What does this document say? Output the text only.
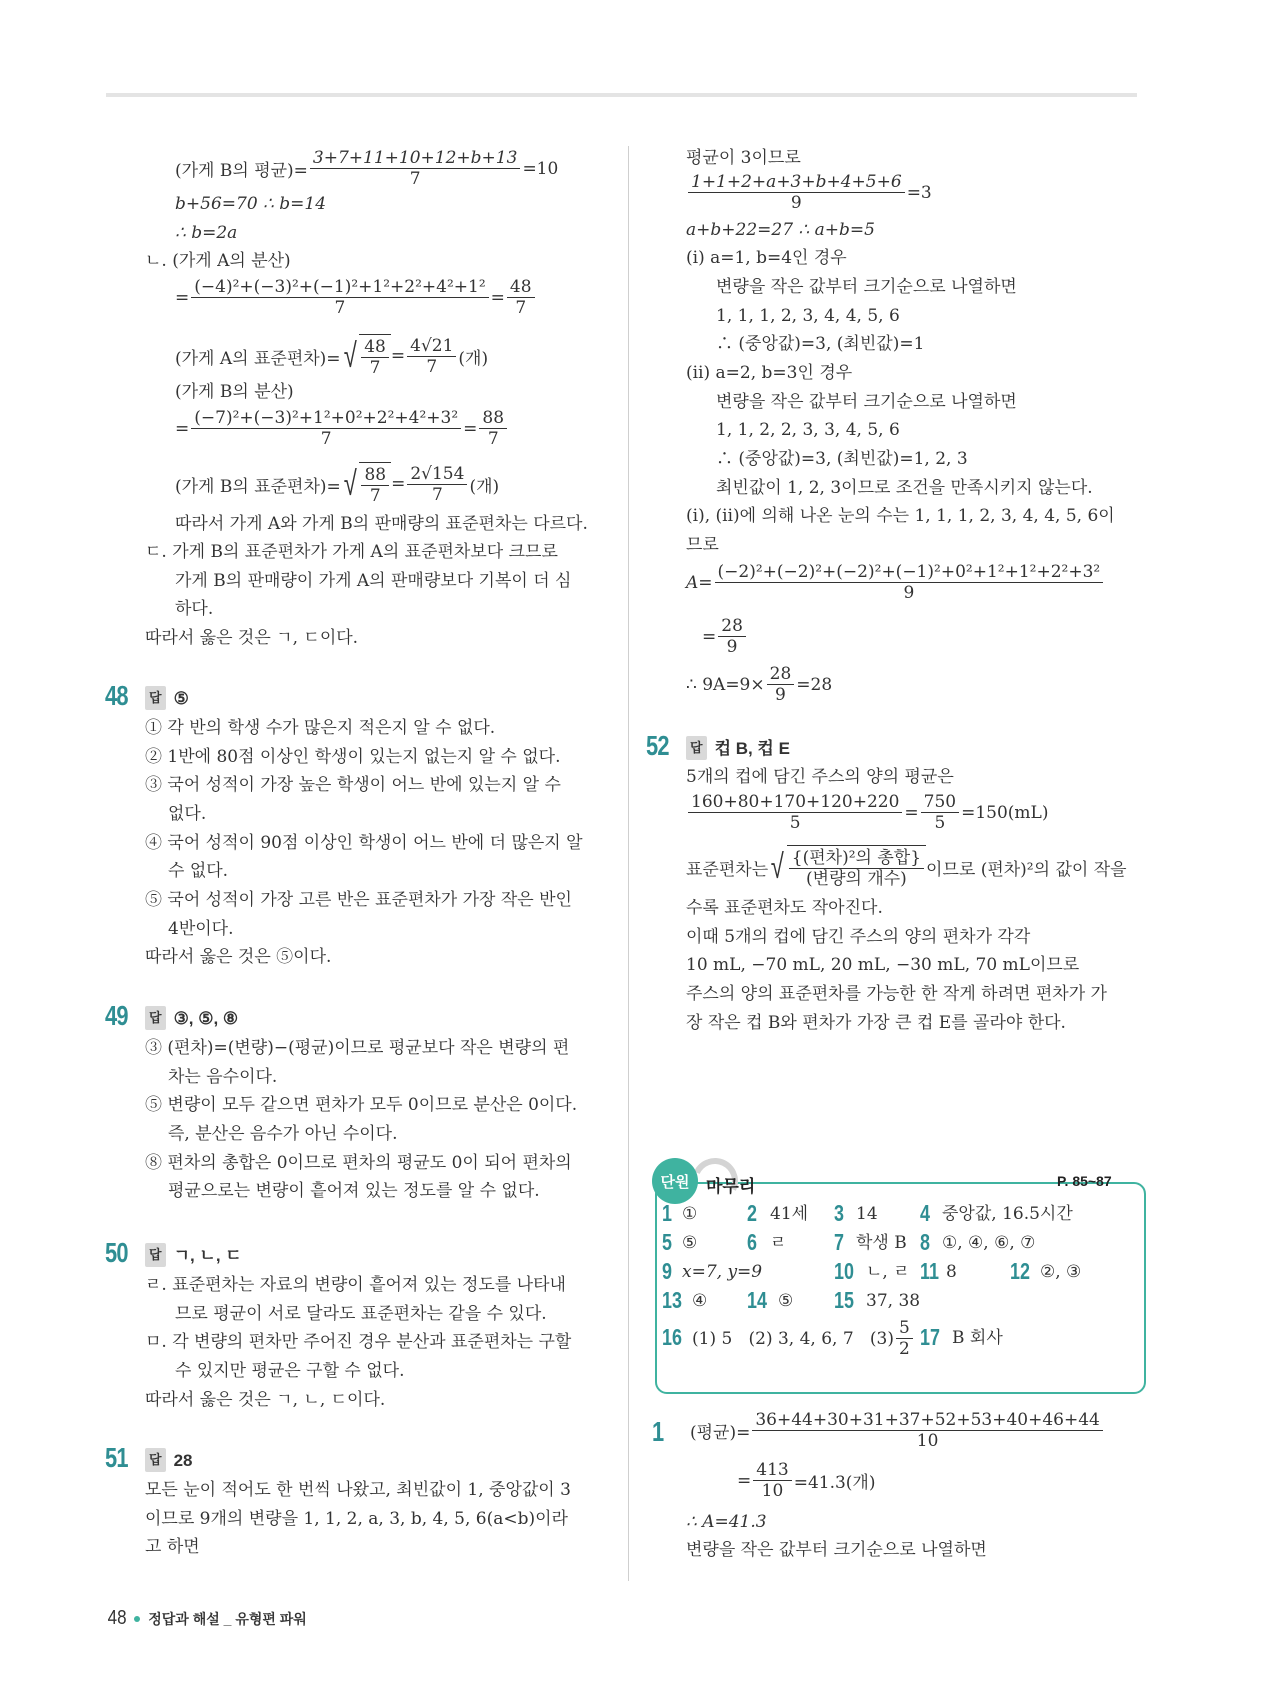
(가게 B의 평균)= $\frac{3+7+11+10+12+b+13}{7} =10$
b+56=70 ∴ b=14
∴ b=2a
ㄴ. (가게 A의 분산)
= $\frac{\text{(−4)²+(−3)²+(−1)²+1²+2²+4²+1²}}{7} = \frac{48}{7}$
(가게 A의 표준편차)= √ $\frac{48}{7} = \frac{4√21}{7}$ (개)
(가게 B의 분산)
= $\frac{\text{(−7)²+(−3)²+1²+0²+2²+4²+3²}}{7} = \frac{88}{7}$
(가게 B의 표준편차)= √ $\frac{88}{7} = \frac{2√154}{7}$ (개)
따라서 가게 A와 가게 B의 판매량의 표준편차는 다르다.
ㄷ. 가게 B의 표준편차가 가게 A의 표준편차보다 크므로
가게 B의 판매량이 가게 A의 판매량보다 기복이 더 심
하다.
따라서 옳은 것은 ㄱ, ㄷ이다.
48	답 ⑤
① 각 반의 학생 수가 많은지 적은지 알 수 없다.
② 1반에 80점 이상인 학생이 있는지 없는지 알 수 없다.
③ 국어 성적이 가장 높은 학생이 어느 반에 있는지 알 수
없다.
④ 국어 성적이 90점 이상인 학생이 어느 반에 더 많은지 알
수 없다.
⑤ 국어 성적이 가장 고른 반은 표준편차가 가장 작은 반인
4반이다.
따라서 옳은 것은 ⑤이다.
49	답 ③, ⑤, ⑧
③ (편차)=(변량)−(평균)이므로 평균보다 작은 변량의 편
차는 음수이다.
⑤ 변량이 모두 같으면 편차가 모두 0이므로 분산은 0이다.
즉, 분산은 음수가 아닌 수이다.
⑧ 편차의 총합은 0이므로 편차의 평균도 0이 되어 편차의
평균으로는 변량이 흩어져 있는 정도를 알 수 없다.
50	답 ㄱ, ㄴ, ㄷ
ㄹ. 표준편차는 자료의 변량이 흩어져 있는 정도를 나타내
므로 평균이 서로 달라도 표준편차는 같을 수 있다.
ㅁ. 각 변량의 편차만 주어진 경우 분산과 표준편차는 구할
수 있지만 평균은 구할 수 없다.
따라서 옳은 것은 ㄱ, ㄴ, ㄷ이다.
51	답 28
모든 눈이 적어도 한 번씩 나왔고, 최빈값이 1, 중앙값이 3
이므로 9개의 변량을 1, 1, 2, a, 3, b, 4, 5, 6(a<b)이라
고 하면
평균이 3이므로
$\frac{1+1+2+a+3+b+4+5+6}{9} =3$
a+b+22=27 ∴ a+b=5
(ⅰ) a=1, b=4인 경우
변량을 작은 값부터 크기순으로 나열하면
1, 1, 1, 2, 3, 4, 4, 5, 6
∴ (중앙값)=3, (최빈값)=1
(ⅱ) a=2, b=3인 경우
변량을 작은 값부터 크기순으로 나열하면
1, 1, 2, 2, 3, 3, 4, 5, 6
∴ (중앙값)=3, (최빈값)=1, 2, 3
최빈값이 1, 2, 3이므로 조건을 만족시키지 않는다.
(ⅰ), (ⅱ)에 의해 나온 눈의 수는 1, 1, 1, 2, 3, 4, 4, 5, 6이
므로
$A= \frac{\text{(−2)²+(−2)²+(−2)²+(−1)²+0²+1²+1²+2²+3²}}{9}$
= $\frac{28}{9}$
∴ $9A=9\times \frac{28}{9} =28$
52	답 컵 B, 컵 E
5개의 컵에 담긴 주스의 양의 평균은
$\frac{160+80+170+120+220}{5} = \frac{750}{5} =150(mL)$
표준편차는 √ $\frac{\text{\{(편차)²의 총합\}}}{\text{(변량의 개수)}}$ 이므로 (편차)²의 값이 작을
수록 표준편차도 작아진다.
이때 5개의 컵에 담긴 주스의 양의 편차가 각각
10 mL, −70 mL, 20 mL, −30 mL, 70 mL이므로
주스의 양의 표준편차를 가능한 한 작게 하려면 편차가 가
장 작은 컵 B와 편차가 가장 큰 컵 E를 골라야 한다.
단원 마무리	P. 85~87
1 ① 2 41세 3 14 4 중앙값, 16.5시간
5 ⑤ 6 ㄹ 7 학생 B 8 ①, ④, ⑥, ⑦
9 x=7, y=9	10 ㄴ, ㄹ 11 8 12 ②, ③
13 ④ 14 ⑤ 15 37, 38
16 (1) 5   (2) 3, 4, 6, 7   $(3) \frac{5}{2} 17$ B 회사
1 (평균)= $\frac{36+44+30+31+37+52+53+40+46+44}{10}$
= $\frac{413}{10} =41.3$(개)
∴ A=41.3
변량을 작은 값부터 크기순으로 나열하면
48 정답과 해설 _ 유형편 파워
